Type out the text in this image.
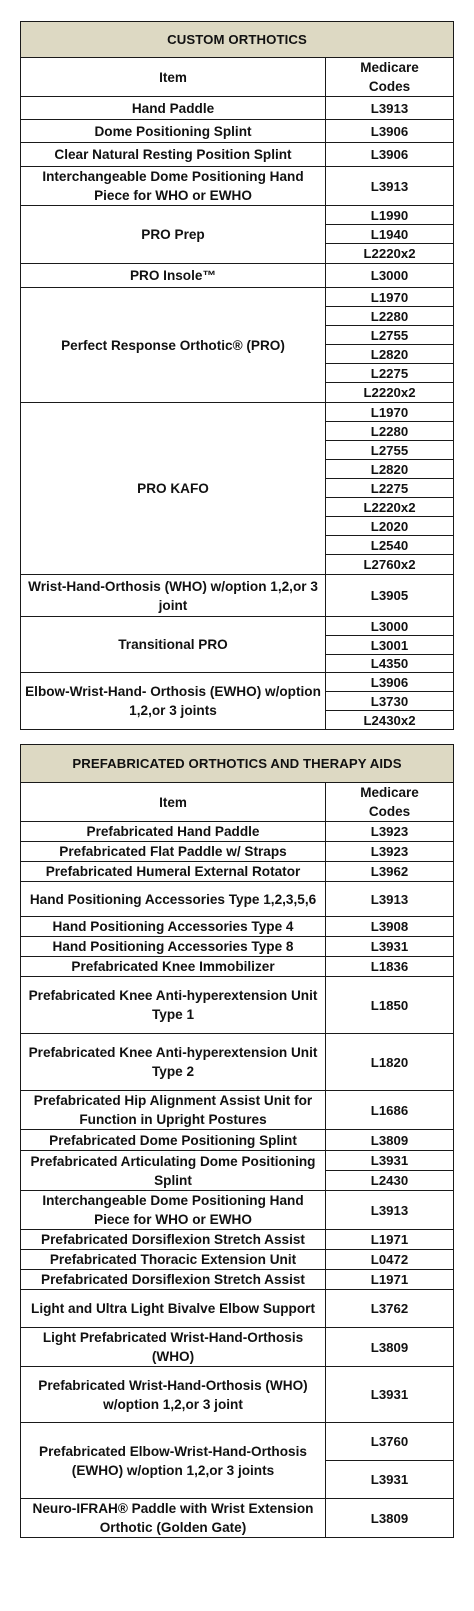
CUSTOM ORTHOTICS	
Item	Medicare
Codes
Hand Paddle	L3913
Dome Positioning Splint	L3906
Clear Natural Resting Position Splint	L3906
Interchangeable Dome Positioning Hand Piece for WHO or EWHO	L3913
PRO Prep	L1990
	L1940
	L2220x2
PRO Insole™	L3000
Perfect Response Orthotic® (PRO)	L1970
	L2280
	L2755
	L2820
	L2275
	L2220x2
PRO KAFO	L1970
	L2280
	L2755
	L2820
	L2275
	L2220x2
	L2020
	L2540
	L2760x2
Wrist-Hand-Orthosis (WHO) w/option 1,2,or 3 joint	L3905
Transitional PRO	L3000
	L3001
	L4350
Elbow-Wrist-Hand- Orthosis (EWHO) w/option 1,2,or 3 joints	L3906
	L3730
	L2430x2
PREFABRICATED ORTHOTICS AND THERAPY AIDS	
Item	Medicare
Codes
Prefabricated Hand Paddle	L3923
Prefabricated Flat Paddle w/ Straps	L3923
Prefabricated Humeral External Rotator	L3962
Hand Positioning Accessories Type 1,2,3,5,6	L3913
Hand Positioning Accessories Type 4	L3908
Hand Positioning Accessories Type 8	L3931
Prefabricated Knee Immobilizer	L1836
Prefabricated Knee Anti-hyperextension Unit Type 1	L1850
Prefabricated Knee Anti-hyperextension Unit Type 2	L1820
Prefabricated Hip Alignment Assist Unit for Function in Upright Postures	L1686
Prefabricated Dome Positioning Splint	L3809
Prefabricated Articulating Dome Positioning Splint	L3931
	L2430
Interchangeable Dome Positioning Hand Piece for WHO or EWHO	L3913
Prefabricated Dorsiflexion Stretch Assist	L1971
Prefabricated Thoracic Extension Unit	L0472
Prefabricated Dorsiflexion Stretch Assist	L1971
Light and Ultra Light Bivalve Elbow Support	L3762
Light Prefabricated Wrist-Hand-Orthosis (WHO)	L3809
Prefabricated Wrist-Hand-Orthosis (WHO) w/option 1,2,or 3 joint	L3931
Prefabricated Elbow-Wrist-Hand-Orthosis (EWHO) w/option 1,2,or 3 joints	L3760
	L3931
Neuro-IFRAH® Paddle with Wrist Extension Orthotic (Golden Gate)	L3809
